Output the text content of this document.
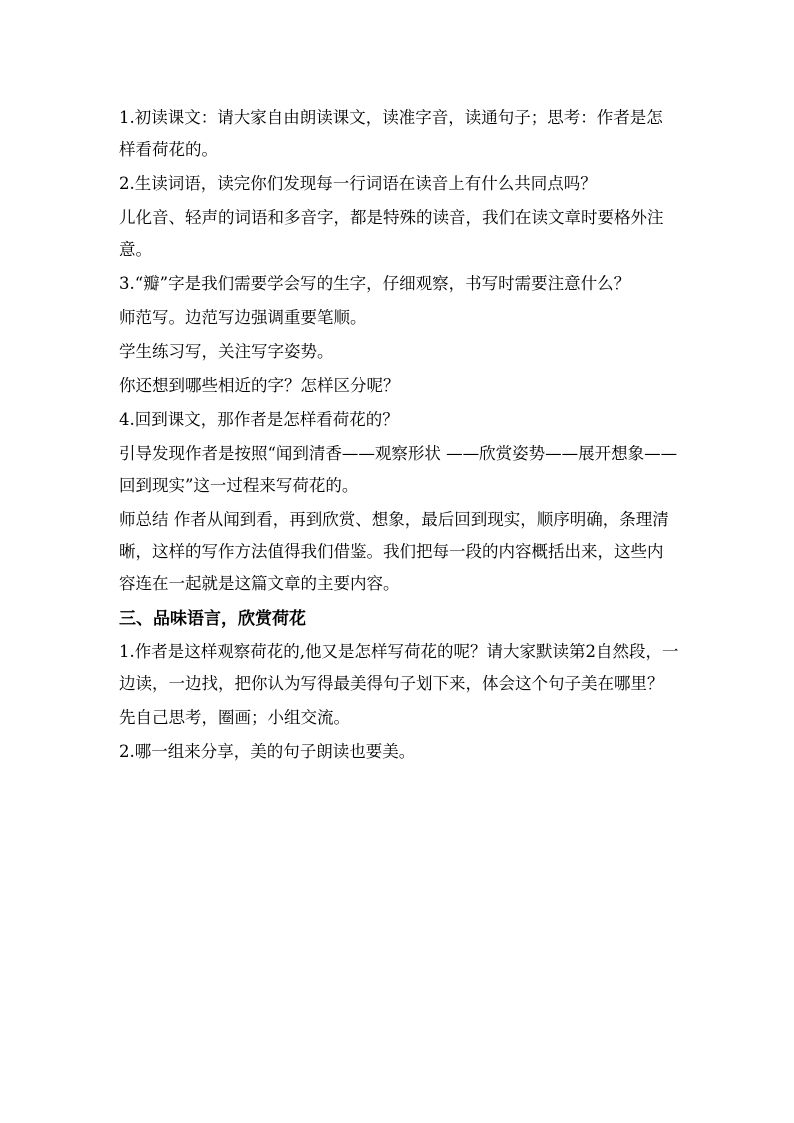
1.初读课文：请大家自由朗读课文，读准字音，读通句子；思考：作者是怎样看荷花的。

2.生读词语，读完你们发现每一行词语在读音上有什么共同点吗？

儿化音、轻声的词语和多音字，都是特殊的读音，我们在读文章时要格外注意。

3.“瓣”字是我们需要学会写的生字，仔细观察，书写时需要注意什么？

师范写。边范写边强调重要笔顺。

学生练习写，关注写字姿势。

你还想到哪些相近的字？怎样区分呢？

4.回到课文，那作者是怎样看荷花的？

引导发现作者是按照“闻到清香——观察形状 ——欣赏姿势——展开想象——回到现实”这一过程来写荷花的。

师总结 作者从闻到看，再到欣赏、想象，最后回到现实，顺序明确，条理清晰，这样的写作方法值得我们借鉴。我们把每一段的内容概括出来，这些内容连在一起就是这篇文章的主要内容。

三、品味语言，欣赏荷花

1.作者是这样观察荷花的,他又是怎样写荷花的呢？请大家默读第2自然段，一边读，一边找，把你认为写得最美得句子划下来，体会这个句子美在哪里？

先自己思考，圈画；小组交流。

2.哪一组来分享，美的句子朗读也要美。
